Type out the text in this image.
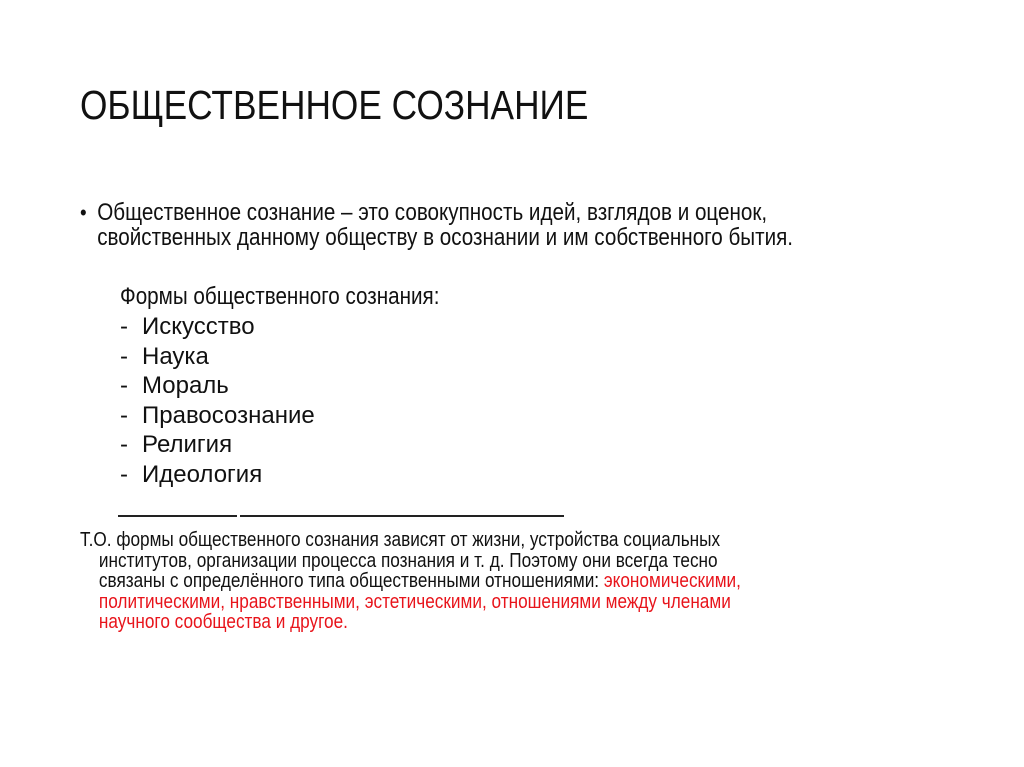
ОБЩЕСТВЕННОЕ СОЗНАНИЕ
• Общественное сознание – это совокупность идей, взглядов и оценок, свойственных данному обществу в осознании и им собственного бытия.
Формы общественного сознания:
- Искусство
- Наука
- Мораль
- Правосознание
- Религия
- Идеология
Т.О. формы общественного сознания зависят от жизни, устройства социальных
институтов, организации процесса познания и т. д. Поэтому они всегда тесно
связаны с определённого типа общественными отношениями: экономическими,
политическими, нравственными, эстетическими, отношениями между членами
научного сообщества и другое.
